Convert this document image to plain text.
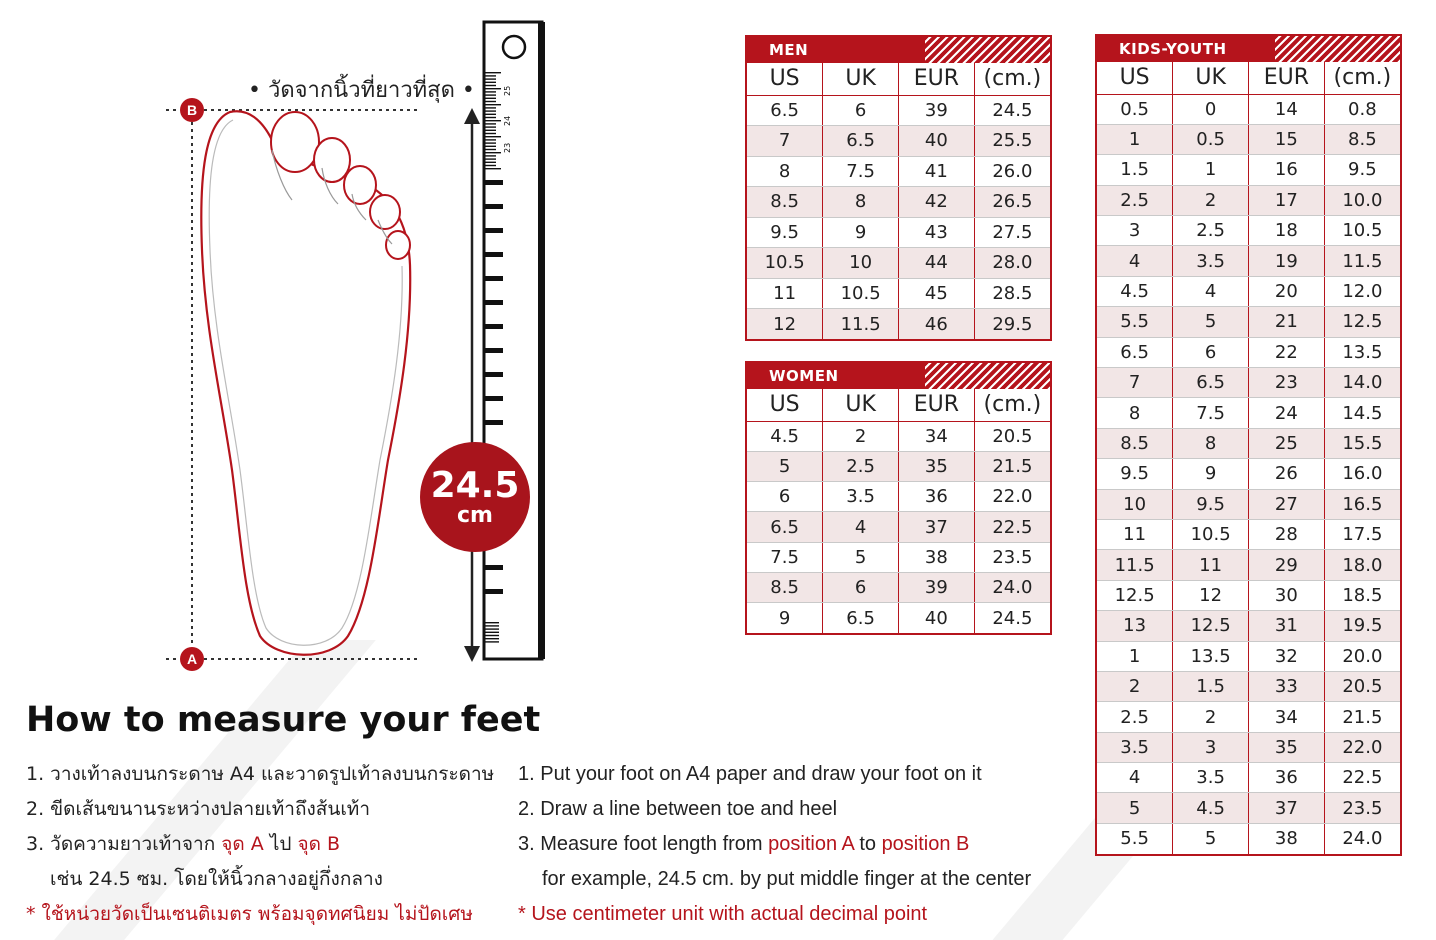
25
24
23
• วัดจากนิ้วที่ยาวที่สุด •
B
A
24.5
cm
MEN
US	UK	EUR	(cm.)
6.5	6	39	24.5
7	6.5	40	25.5
8	7.5	41	26.0
8.5	8	42	26.5
9.5	9	43	27.5
10.5	10	44	28.0
11	10.5	45	28.5
12	11.5	46	29.5
WOMEN
US	UK	EUR	(cm.)
4.5	2	34	20.5
5	2.5	35	21.5
6	3.5	36	22.0
6.5	4	37	22.5
7.5	5	38	23.5
8.5	6	39	24.0
9	6.5	40	24.5
KIDS-YOUTH
US	UK	EUR	(cm.)
0.5	0	14	0.8
1	0.5	15	8.5
1.5	1	16	9.5
2.5	2	17	10.0
3	2.5	18	10.5
4	3.5	19	11.5
4.5	4	20	12.0
5.5	5	21	12.5
6.5	6	22	13.5
7	6.5	23	14.0
8	7.5	24	14.5
8.5	8	25	15.5
9.5	9	26	16.0
10	9.5	27	16.5
11	10.5	28	17.5
11.5	11	29	18.0
12.5	12	30	18.5
13	12.5	31	19.5
1	13.5	32	20.0
2	1.5	33	20.5
2.5	2	34	21.5
3.5	3	35	22.0
4	3.5	36	22.5
5	4.5	37	23.5
5.5	5	38	24.0
How to measure your feet
1. วางเท้าลงบนกระดาษ A4 และวาดรูปเท้าลงบนกระดาษ
2. ขีดเส้นขนานระหว่างปลายเท้าถึงส้นเท้า
3. วัดความยาวเท้าจาก จุด A ไป จุด B
เช่น 24.5 ซม. โดยให้นิ้วกลางอยู่กึ่งกลาง
* ใช้หน่วยวัดเป็นเซนติเมตร พร้อมจุดทศนิยม ไม่ปัดเศษ
1. Put your foot on A4 paper and draw your foot on it
2. Draw a line between toe and heel
3. Measure foot length from position A to position B
for example, 24.5 cm. by put middle finger at the center
* Use centimeter unit with actual decimal point
